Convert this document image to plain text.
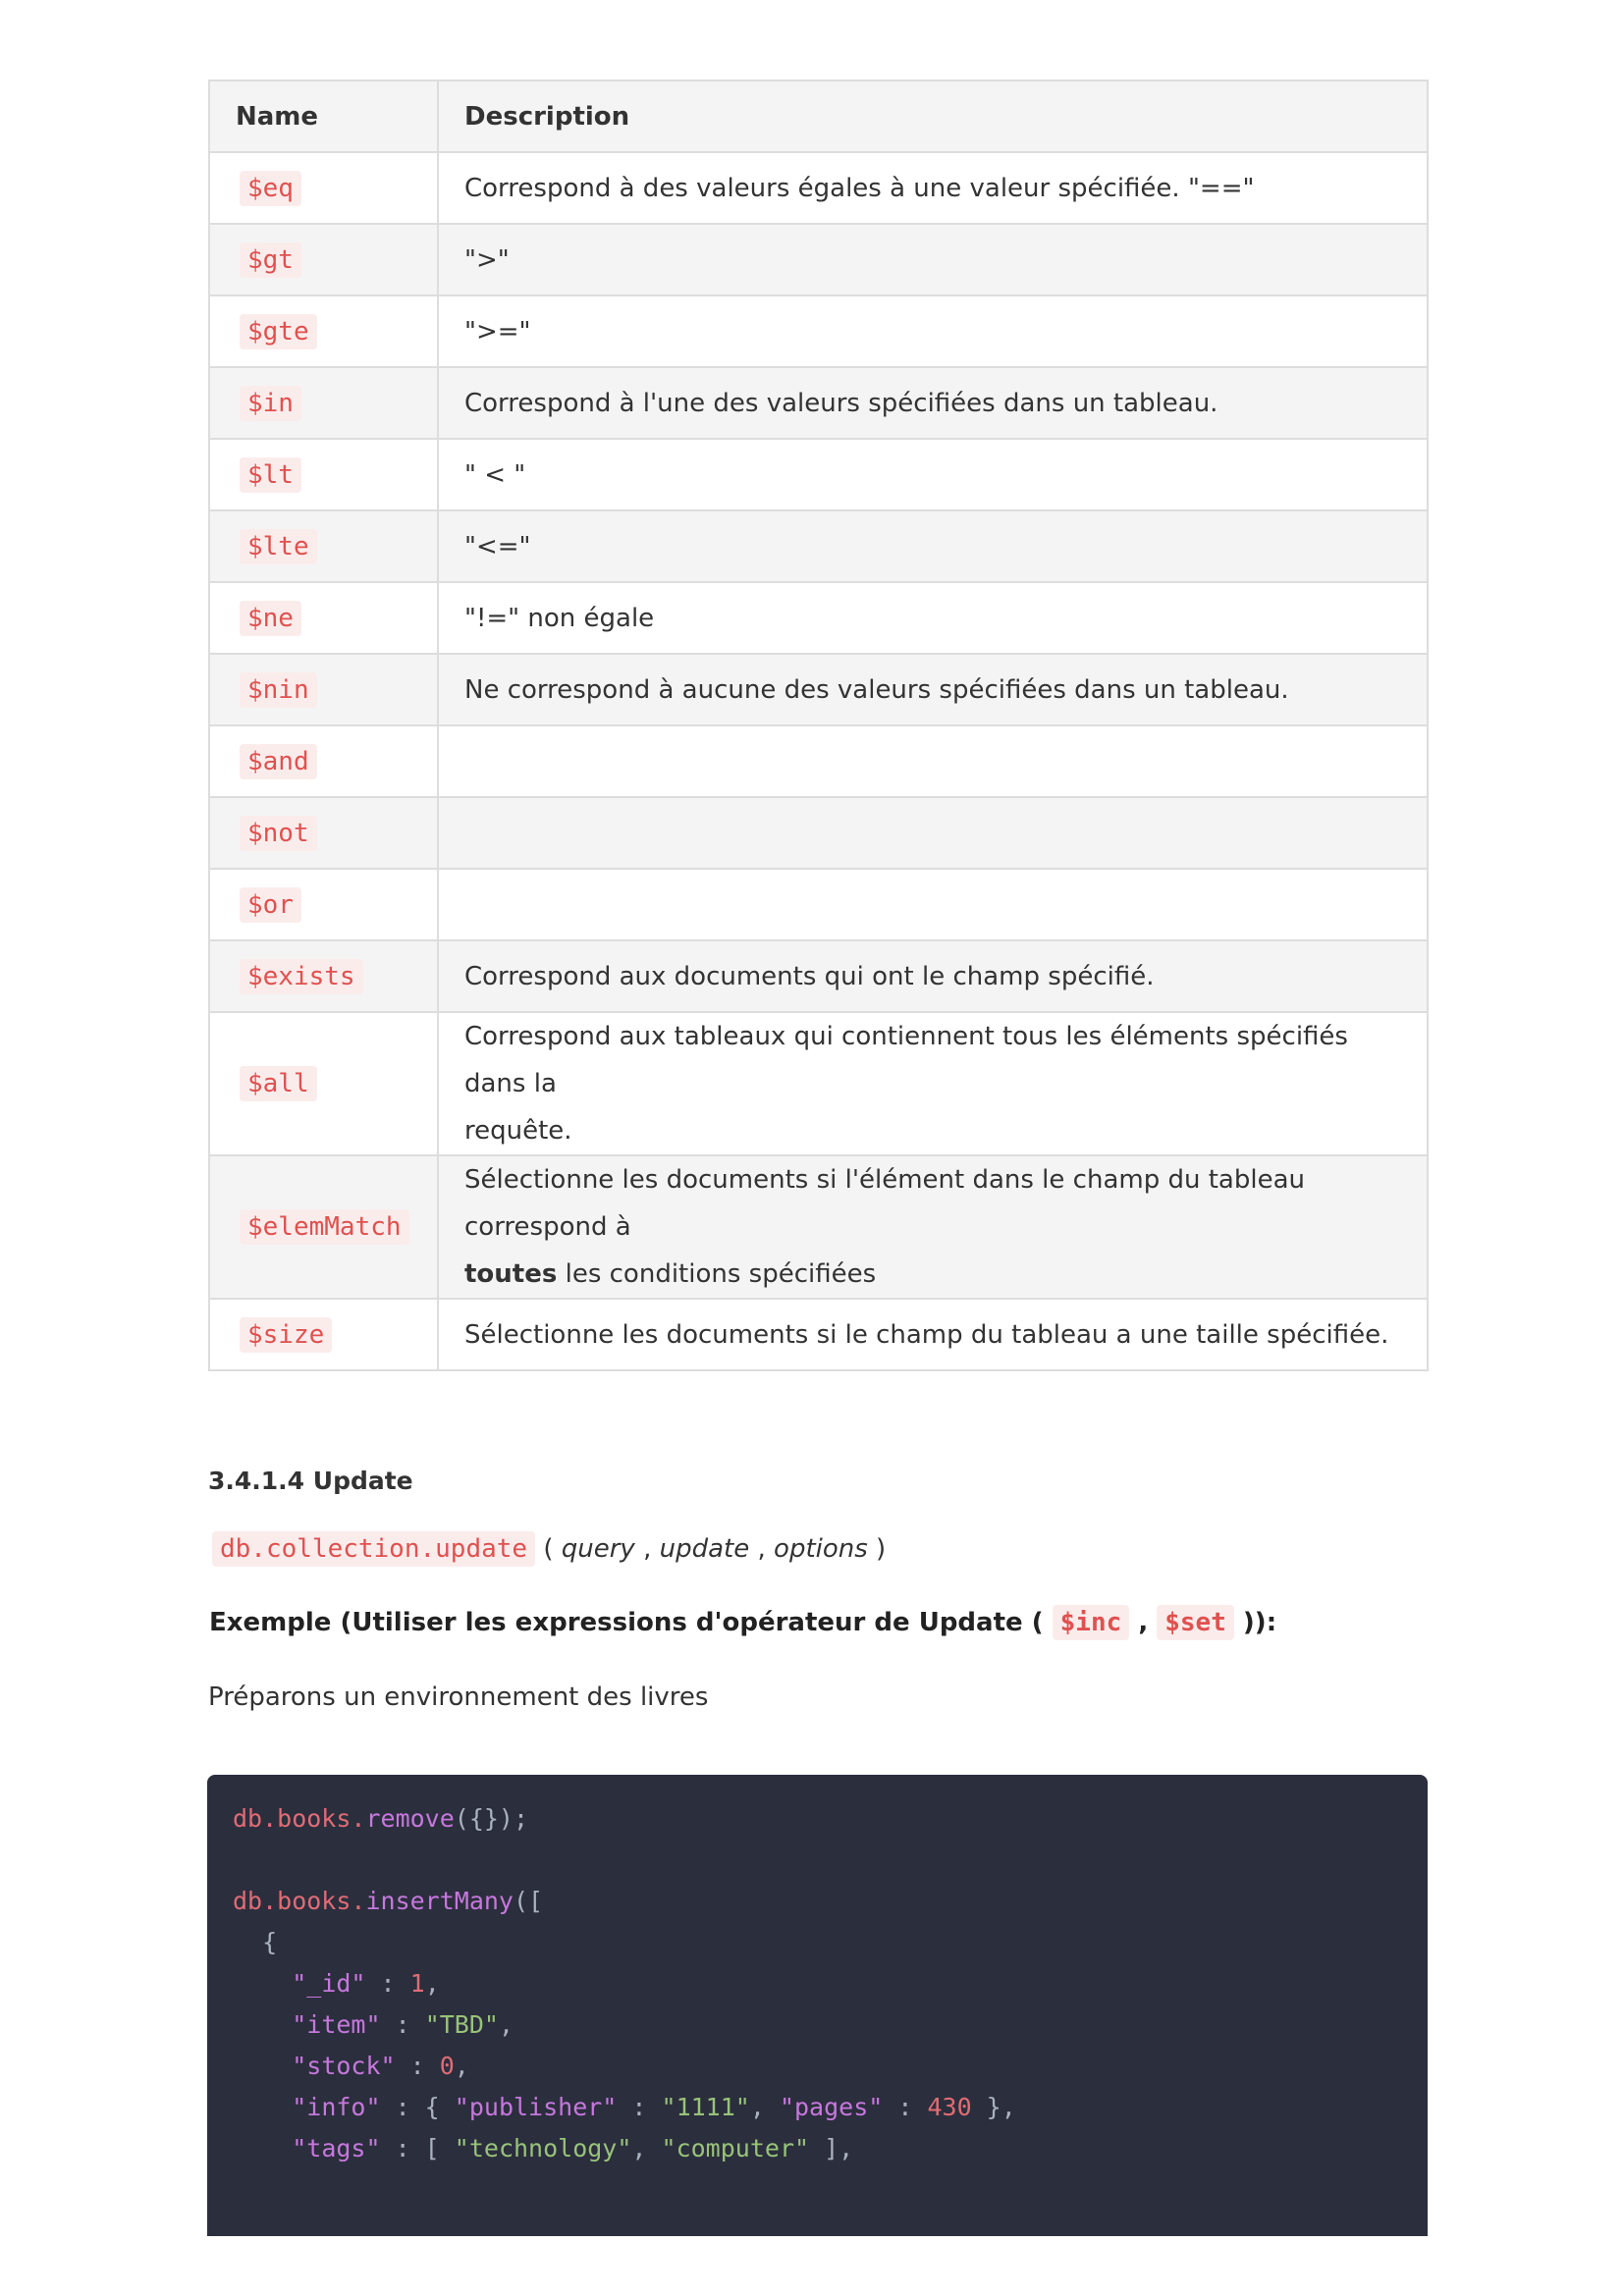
Name	Description
$eq	Correspond à des valeurs égales à une valeur spécifiée. "=="
$gt	">"
$gte	">="
$in	Correspond à l'une des valeurs spécifiées dans un tableau.
$lt	" < "
$lte	"<="
$ne	"!=" non égale
$nin	Ne correspond à aucune des valeurs spécifiées dans un tableau.
$and	
$not	
$or	
$exists	Correspond aux documents qui ont le champ spécifié.
$all	Correspond aux tableaux qui contiennent tous les éléments spécifiés dans la
requête.
$elemMatch	Sélectionne les documents si l'élément dans le champ du tableau correspond à
toutes les conditions spécifiées
$size	Sélectionne les documents si le champ du tableau a une taille spécifiée.
3.4.1.4 Update
db.collection.update ( query , update , options )
Exemple (Utiliser les expressions d'opérateur de Update ( $inc , $set )):
Préparons un environnement des livres
db.books.remove({});

db.books.insertMany([
{
"_id" : 1,
"item" : "TBD",
"stock" : 0,
"info" : { "publisher" : "1111", "pages" : 430 },
"tags" : [ "technology", "computer" ],
